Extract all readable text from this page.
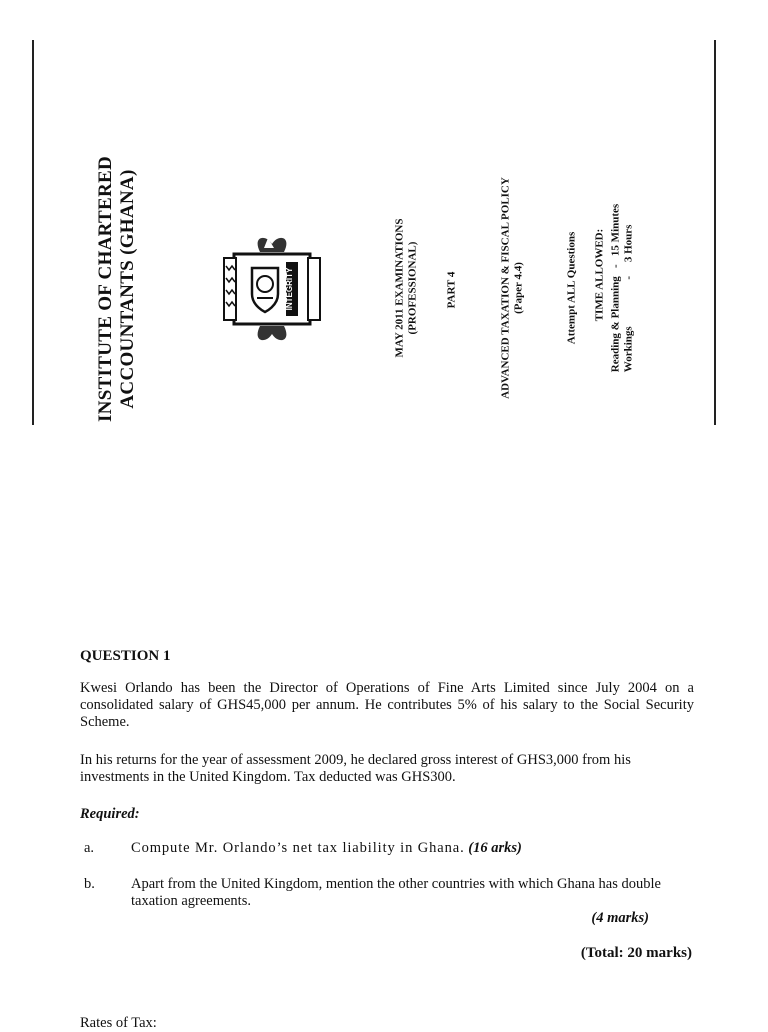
INSTITUTE OF CHARTERED ACCOUNTANTS (GHANA)	INTEGRITY	MAY 2011 EXAMINATIONS (PROFESSIONAL)	PART 4	ADVANCED TAXATION & FISCAL POLICY (Paper 4.4)	Attempt ALL Questions TIME ALLOWED: Reading & Planning   -   15 Minutes Workings                 -     3 Hours
QUESTION 1

Kwesi Orlando has been the Director of Operations of Fine Arts Limited since July 2004 on a consolidated salary of GHS45,000 per annum. He contributes 5% of his salary to the Social Security Scheme.

In his returns for the year of assessment 2009, he declared gross interest of GHS3,000 from his investments in the United Kingdom. Tax deducted was GHS300.

Required:
a.	Compute Mr. Orlando’s net tax liability in Ghana. (16 arks)
b. Apart from the United Kingdom, mention the other countries with which Ghana has double taxation agreements.
(4 marks)
(Total: 20 marks)
Rates of Tax:
